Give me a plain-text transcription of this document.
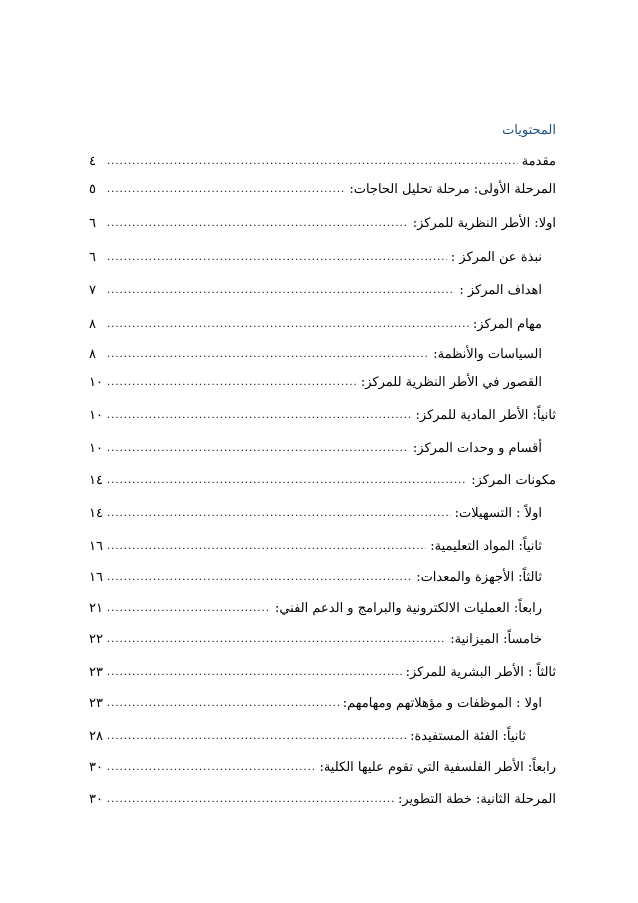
المحتويات
مقدمة
.....
٤
المرحلة الأولى: مرحلة تحليل الحاجات:
.....
٥
اولا: الأطر النظرية للمركز:
.....
٦
نبذة عن المركز :
.....
٦
اهداف المركز :
.....
٧
مهام المركز:
.....
٨
السياسات والأنظمة:
.....
٨
القصور في الأطر النظرية للمركز:
.....
١٠
ثانياً: الأطر المادية للمركز:
.....
١٠
أقسام و وحدات المركز:
.....
١٠
مكونات المركز:
.....
١٤
اولاً : التسهيلات:
.....
١٤
ثانياً: المواد التعليمية:
.....
١٦
ثالثاً: الأجهزة والمعدات:
.....
١٦
رابعاً: العمليات الالكترونية والبرامج و الدعم الفني:
.....
٢١
خامساً: الميزانية:
.....
٢٢
ثالثاً : الأطر البشرية للمركز:
.....
٢٣
اولا : الموظفات و مؤهلاتهم ومهامهم:
.....
٢٣
ثانياً: الفئة المستفيدة:
.....
٢٨
رابعاً: الأطر الفلسفية التي تقوم عليها الكلية:
.....
٣٠
المرحلة الثانية: خطة التطوير:
.....
٣٠
